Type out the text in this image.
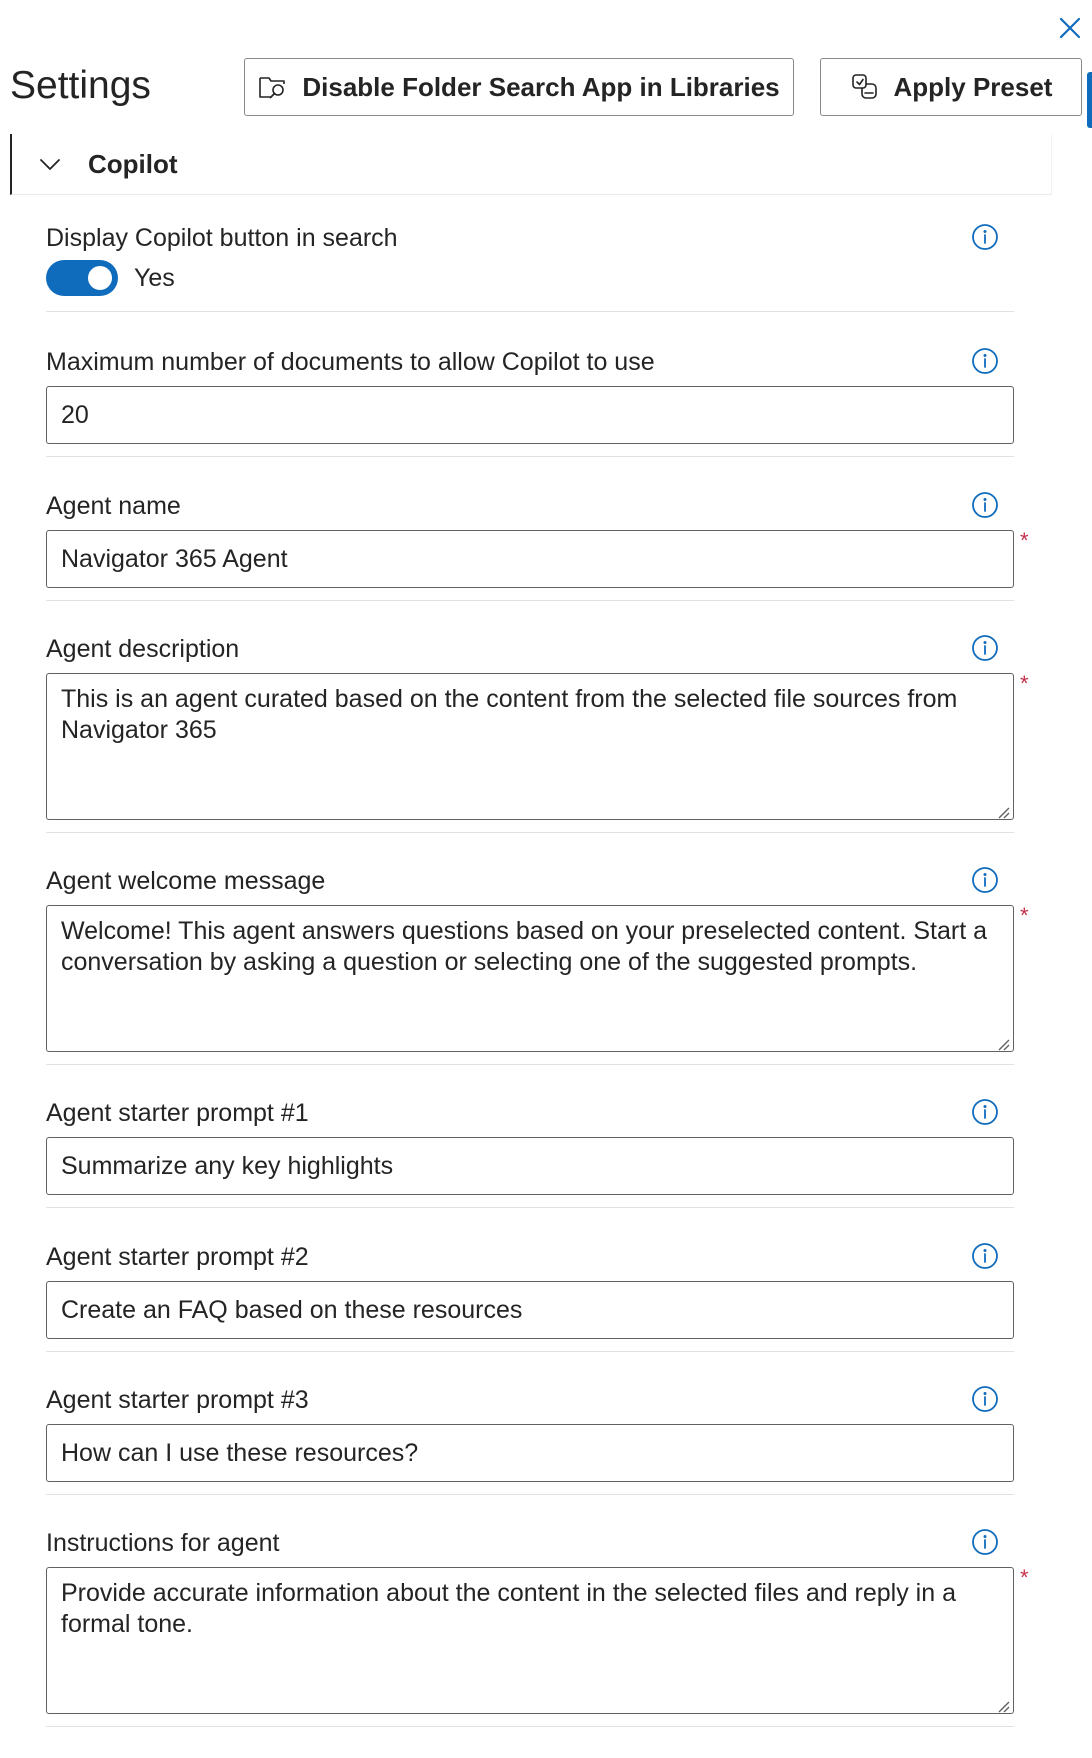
Settings	Disable Folder Search App in Libraries	Apply Preset
Copilot
Display Copilot button in search
Yes
Maximum number of documents to allow Copilot to use
20
Agent name
*
Navigator 365 Agent
Agent description
*
This is an agent curated based on the content from the selected file sources from Navigator 365
Agent welcome message
*
Welcome! This agent answers questions based on your preselected content. Start a conversation by asking a question or selecting one of the suggested prompts.
Agent starter prompt #1
Summarize any key highlights
Agent starter prompt #2
Create an FAQ based on these resources
Agent starter prompt #3
How can I use these resources?
Instructions for agent
*
Provide accurate information about the content in the selected files and reply in a formal tone.
